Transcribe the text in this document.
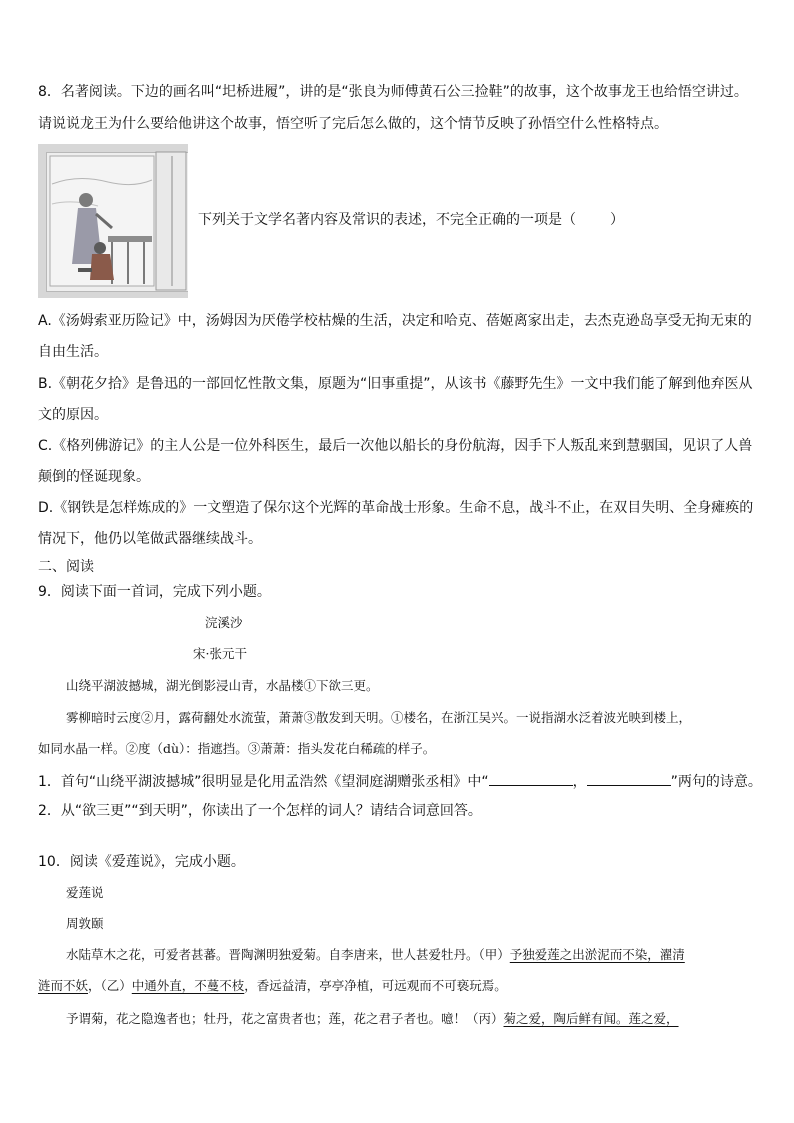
8．名著阅读。下边的画名叫“圯桥进履”，讲的是“张良为师傅黄石公三捡鞋”的故事，这个故事龙王也给悟空讲过。
请说说龙王为什么要给他讲这个故事，悟空听了完后怎么做的，这个情节反映了孙悟空什么性格特点。
下列关于文学名著内容及常识的表述，不完全正确的一项是（ ）
A.《汤姆索亚历险记》中，汤姆因为厌倦学校枯燥的生活，决定和哈克、蓓姬离家出走，去杰克逊岛享受无拘无束的
自由生活。
B.《朝花夕拾》是鲁迅的一部回忆性散文集，原题为“旧事重提”，从该书《藤野先生》一文中我们能了解到他弃医从
文的原因。
C.《格列佛游记》的主人公是一位外科医生，最后一次他以船长的身份航海，因手下人叛乱来到慧骃国，见识了人兽
颠倒的怪诞现象。
D.《钢铁是怎样炼成的》一文塑造了保尔这个光辉的革命战士形象。生命不息，战斗不止，在双目失明、全身瘫痪的
情况下，他仍以笔做武器继续战斗。
二、阅读
9．阅读下面一首词，完成下列小题。
浣溪沙
宋·张元干
山绕平湖波撼城，湖光倒影浸山青，水晶楼①下欲三更。
雾柳暗时云度②月，露荷翻处水流萤，萧萧③散发到天明。①楼名，在浙江吴兴。一说指湖水泛着波光映到楼上，
如同水晶一样。②度（dù）：指遮挡。③萧萧：指头发花白稀疏的样子。
1．首句“山绕平湖波撼城”很明显是化用孟浩然《望洞庭湖赠张丞相》中“	，	”两句的诗意。
2．从“欲三更”“到天明”，你读出了一个怎样的词人？请结合词意回答。
10．阅读《爱莲说》，完成小题。
爱莲说
周敦颐
水陆草木之花，可爱者甚蕃。晋陶渊明独爱菊。自李唐来，世人甚爱牡丹。（甲）予独爱莲之出淤泥而不染，濯清
涟而不妖，（乙）中通外直，不蔓不枝，香远益清，亭亭净植，可远观而不可亵玩焉。
予谓菊，花之隐逸者也；牡丹，花之富贵者也；莲，花之君子者也。噫！（丙）菊之爱，陶后鲜有闻。莲之爱，
